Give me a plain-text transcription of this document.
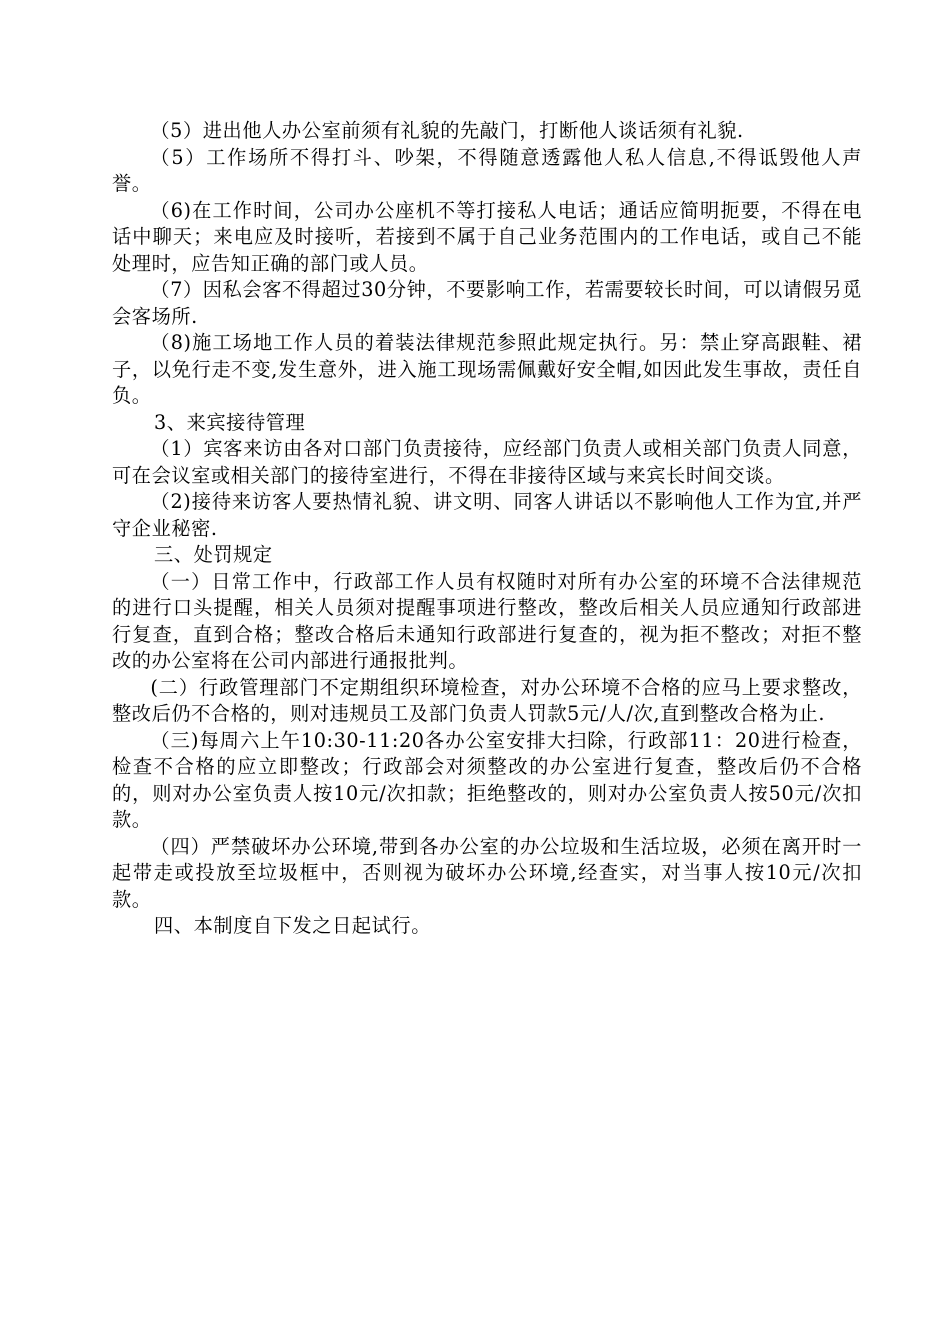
（5）进出他人办公室前须有礼貌的先敲门，打断他人谈话须有礼貌.

（5）工作场所不得打斗、吵架，不得随意透露他人私人信息,不得诋毁他人声誉。

（6)在工作时间，公司办公座机不等打接私人电话；通话应简明扼要，不得在电话中聊天；来电应及时接听，若接到不属于自己业务范围内的工作电话，或自己不能处理时，应告知正确的部门或人员。

（7）因私会客不得超过30分钟，不要影响工作，若需要较长时间，可以请假另觅会客场所.

（8)施工场地工作人员的着装法律规范参照此规定执行。另：禁止穿高跟鞋、裙子，以免行走不变,发生意外，进入施工现场需佩戴好安全帽,如因此发生事故，责任自负。

3、来宾接待管理

（1）宾客来访由各对口部门负责接待，应经部门负责人或相关部门负责人同意，可在会议室或相关部门的接待室进行，不得在非接待区域与来宾长时间交谈。

（2)接待来访客人要热情礼貌、讲文明、同客人讲话以不影响他人工作为宜,并严守企业秘密.

三、处罚规定

（一）日常工作中，行政部工作人员有权随时对所有办公室的环境不合法律规范的进行口头提醒，相关人员须对提醒事项进行整改，整改后相关人员应通知行政部进行复查，直到合格；整改合格后未通知行政部进行复查的，视为拒不整改；对拒不整改的办公室将在公司内部进行通报批判。

(二）行政管理部门不定期组织环境检查，对办公环境不合格的应马上要求整改，整改后仍不合格的，则对违规员工及部门负责人罚款5元/人/次,直到整改合格为止.

（三)每周六上午10:30-11:20各办公室安排大扫除，行政部11：20进行检查，检查不合格的应立即整改；行政部会对须整改的办公室进行复查，整改后仍不合格的，则对办公室负责人按10元/次扣款；拒绝整改的，则对办公室负责人按50元/次扣款。

（四）严禁破坏办公环境,带到各办公室的办公垃圾和生活垃圾，必须在离开时一起带走或投放至垃圾框中，否则视为破坏办公环境,经查实，对当事人按10元/次扣款。

四、本制度自下发之日起试行。
